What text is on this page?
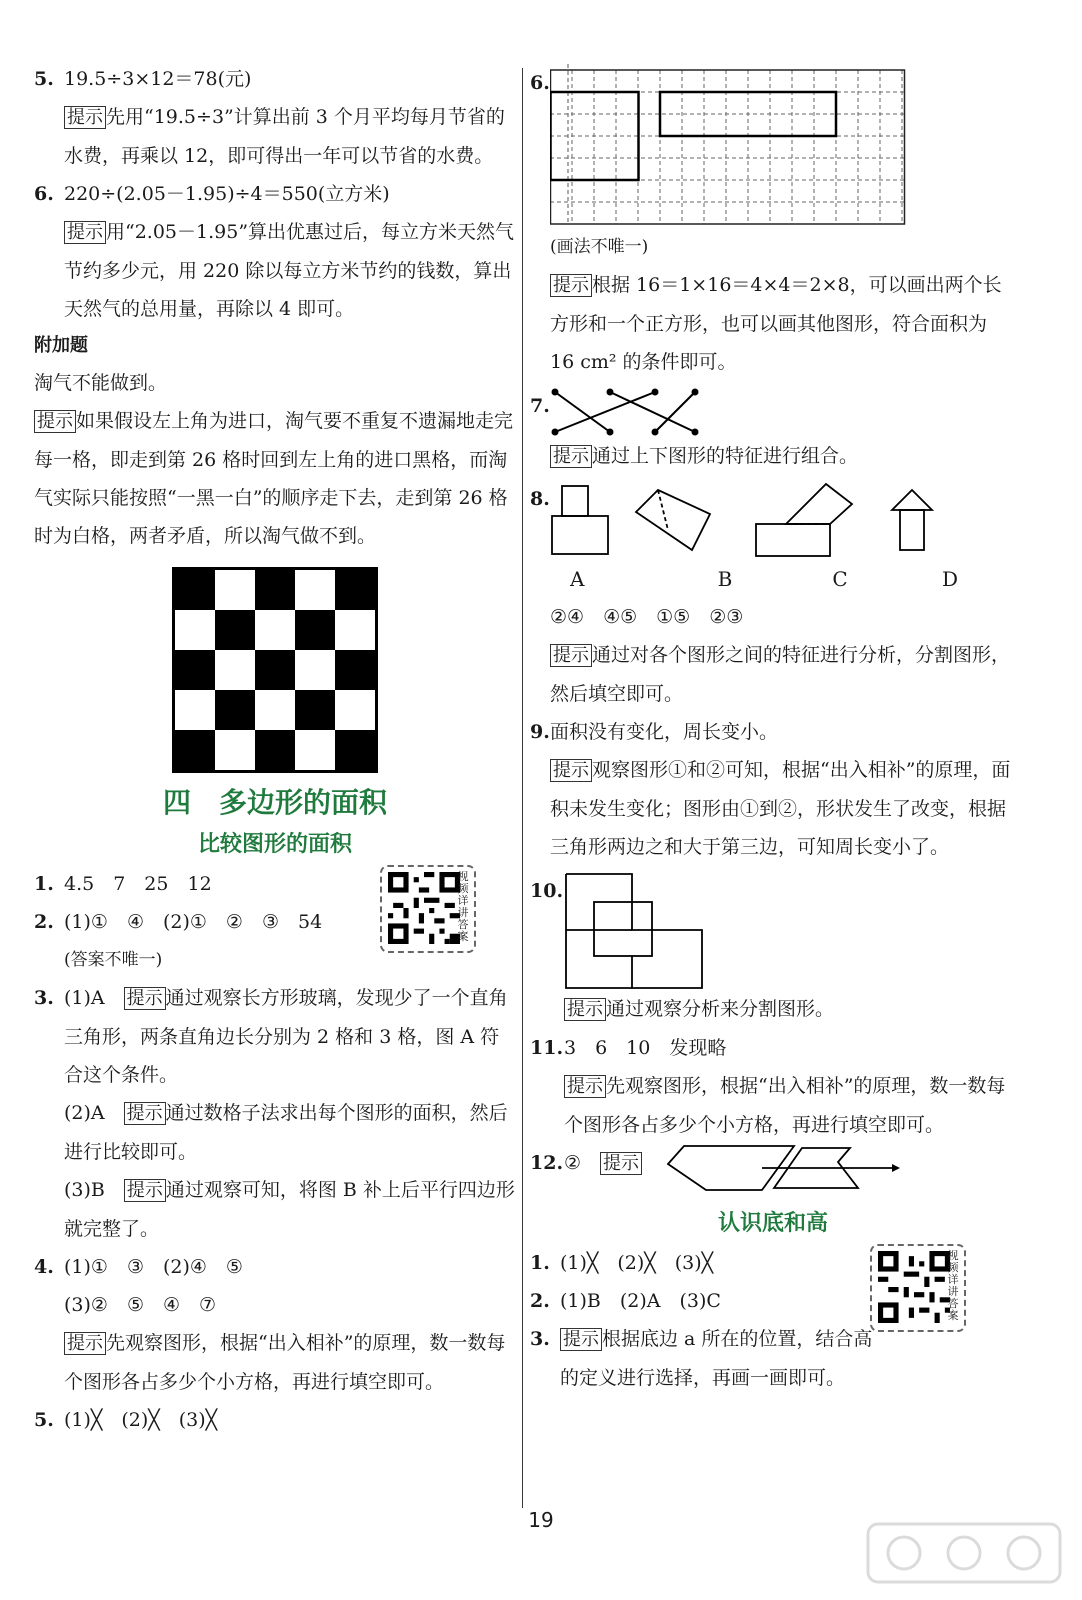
5. 19.5÷3×12＝78(元)
提示 先用“19.5÷3”计算出前 3 个月平均每月节省的水费，再乘以 12，即可得出一年可以节省的水费。
6. 220÷(2.05－1.95)÷4＝550(立方米)
提示 用“2.05－1.95”算出优惠过后，每立方米天然气节约多少元，用 220 除以每立方米节约的钱数，算出天然气的总用量，再除以 4 即可。
附加题
淘气不能做到。
提示 如果假设左上角为进口，淘气要不重复不遗漏地走完每一格，即走到第 26 格时回到左上角的进口黑格，而淘气实际只能按照“一黑一白”的顺序走下去，走到第 26 格时为白格，两者矛盾，所以淘气做不到。
四　多边形的面积
比较图形的面积
1. 4.5　7　25　12
2. (1)①　④　(2)①　②　③　54
(答案不唯一)
视频详讲答案
3. (1)A　提示 通过观察长方形玻璃，发现少了一个直角三角形，两条直角边长分别为 2 格和 3 格，图 A 符合这个条件。
(2)A　提示 通过数格子法求出每个图形的面积，然后进行比较即可。
(3)B　提示 通过观察可知，将图 B 补上后平行四边形就完整了。
4. (1)①　③　(2)④　⑤
(3)②　⑤　④　⑦
提示 先观察图形，根据“出入相补”的原理，数一数每个图形各占多少个小方格，再进行填空即可。
5. (1)╳　(2)╳　(3)╳
6.
(画法不唯一)
提示 根据 16＝1×16＝4×4＝2×8，可以画出两个长方形和一个正方形，也可以画其他图形，符合面积为 16 cm² 的条件即可。
7.
提示 通过上下图形的特征进行组合。
8.
A	B	C	D
②④　④⑤　①⑤　②③
提示 通过对各个图形之间的特征进行分析，分割图形，然后填空即可。
9. 面积没有变化，周长变小。
提示 观察图形①和②可知，根据“出入相补”的原理，面积未发生变化；图形由①到②，形状发生了改变，根据三角形两边之和大于第三边，可知周长变小了。
10.
提示 通过观察分析来分割图形。
11. 3　6　10　发现略
提示 先观察图形，根据“出入相补”的原理，数一数每个图形各占多少个小方格，再进行填空即可。
12. ②　提示
认识底和高
1. (1)╳　(2)╳　(3)╳
2. (1)B　(2)A　(3)C
3. 提示 根据底边 a 所在的位置，结合高的定义进行选择，再画一画即可。
视频详讲答案
19
